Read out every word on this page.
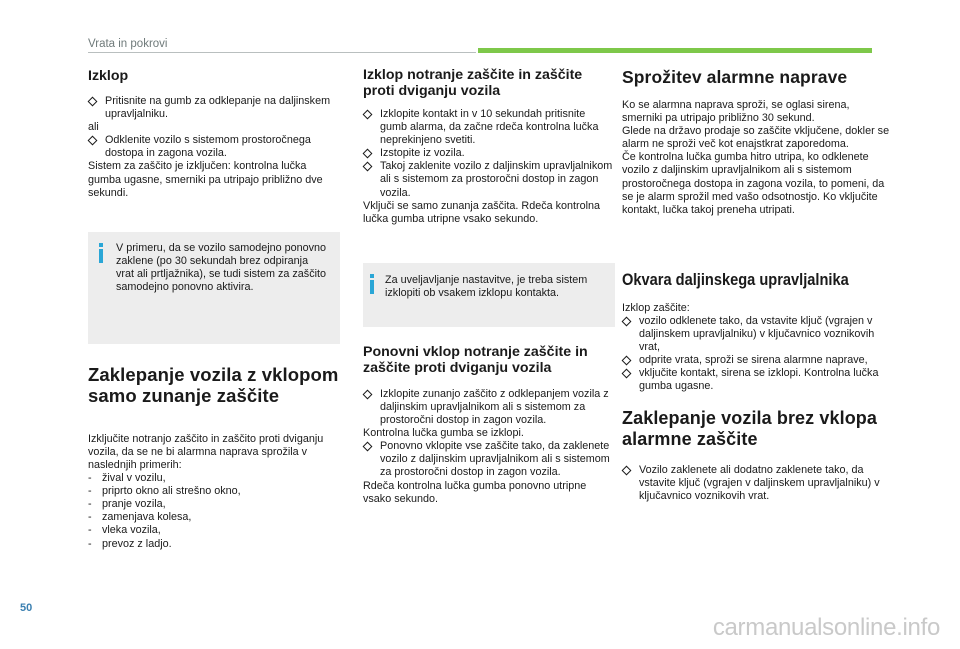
Vrata in pokrovi
Izklop
Pritisnite na gumb za odklepanje na daljinskem upravljalniku.
ali
Odklenite vozilo s sistemom prostoročnega dostopa in zagona vozila.
Sistem za zaščito je izključen: kontrolna lučka gumba ugasne, smerniki pa utripajo približno dve sekundi.
V primeru, da se vozilo samodejno ponovno zaklene (po 30 sekundah brez odpiranja vrat ali prtljažnika), se tudi sistem za zaščito samodejno ponovno aktivira.
Zaklepanje vozila z vklopom samo zunanje zaščite
Izključite notranjo zaščito in zaščito proti dviganju vozila, da se ne bi alarmna naprava sprožila v naslednjih primerih:
- žival v vozilu,
- priprto okno ali strešno okno,
- pranje vozila,
- zamenjava kolesa,
- vleka vozila,
- prevoz z ladjo.
Izklop notranje zaščite in zaščite proti dviganju vozila
Izklopite kontakt in v 10 sekundah pritisnite gumb alarma, da začne rdeča kontrolna lučka neprekinjeno svetiti.
Izstopite iz vozila.
Takoj zaklenite vozilo z daljinskim upravljalnikom ali s sistemom za prostoročni dostop in zagon vozila.
Vključi se samo zunanja zaščita. Rdeča kontrolna lučka gumba utripne vsako sekundo.
Za uveljavljanje nastavitve, je treba sistem izklopiti ob vsakem izklopu kontakta.
Ponovni vklop notranje zaščite in zaščite proti dviganju vozila
Izklopite zunanjo zaščito z odklepanjem vozila z daljinskim upravljalnikom ali s sistemom za prostoročni dostop in zagon vozila.
Kontrolna lučka gumba se izklopi.
Ponovno vklopite vse zaščite tako, da zaklenete vozilo z daljinskim upravljalnikom ali s sistemom za prostoročni dostop in zagon vozila.
Rdeča kontrolna lučka gumba ponovno utripne vsako sekundo.
Sprožitev alarmne naprave
Ko se alarmna naprava sproži, se oglasi sirena, smerniki pa utripajo približno 30 sekund.
Glede na državo prodaje so zaščite vključene, dokler se alarm ne sproži več kot enajstkrat zaporedoma.
Če kontrolna lučka gumba hitro utripa, ko odklenete vozilo z daljinskim upravljalnikom ali s sistemom prostoročnega dostopa in zagona vozila, to pomeni, da se je alarm sprožil med vašo odsotnostjo. Ko vključite kontakt, lučka takoj preneha utripati.
Okvara daljinskega upravljalnika
Izklop zaščite:
vozilo odklenete tako, da vstavite ključ (vgrajen v daljinskem upravljalniku) v ključavnico voznikovih vrat,
odprite vrata, sproži se sirena alarmne naprave,
vključite kontakt, sirena se izklopi. Kontrolna lučka gumba ugasne.
Zaklepanje vozila brez vklopa alarmne zaščite
Vozilo zaklenete ali dodatno zaklenete tako, da vstavite ključ (vgrajen v daljinskem upravljalniku) v ključavnico voznikovih vrat.
50
carmanualsonline.info
